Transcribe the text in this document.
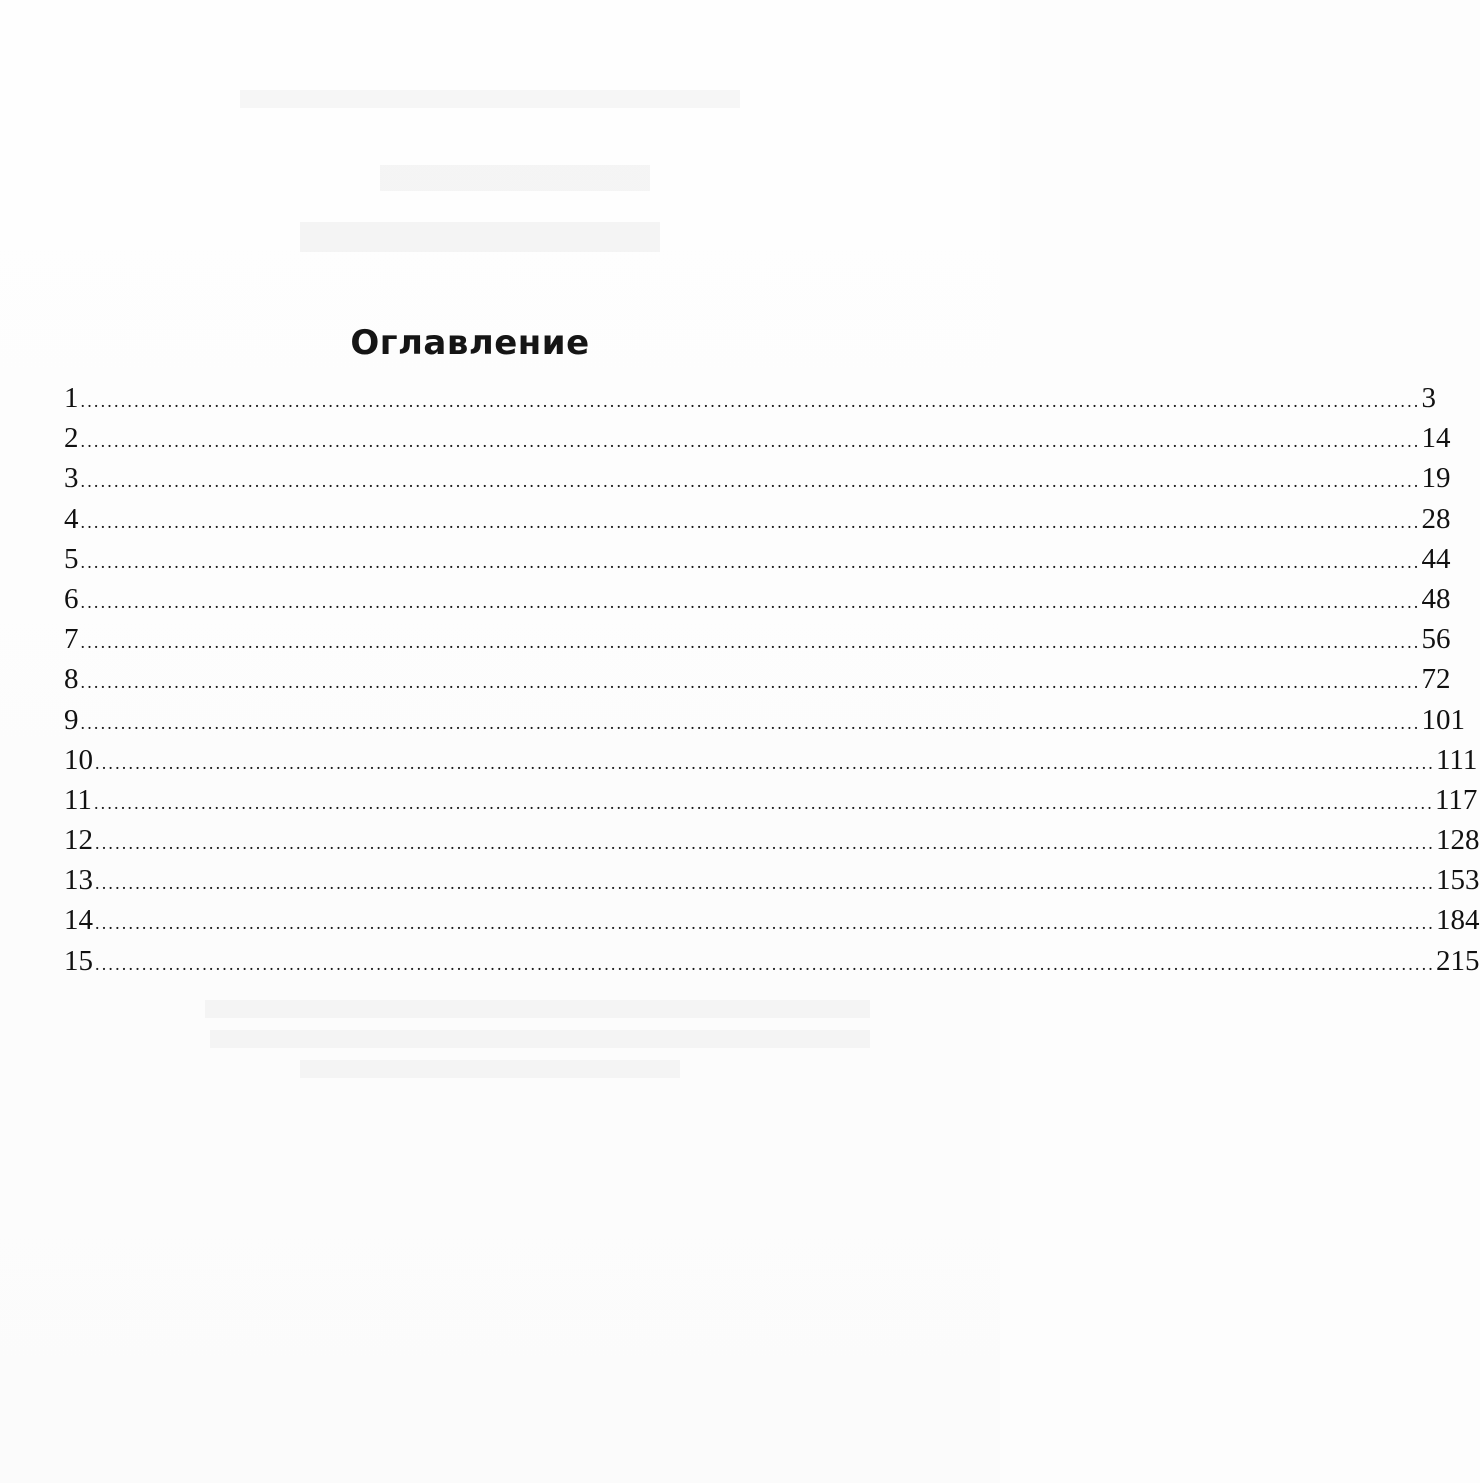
Оглавление
1 ........................................................................................................................................................................................................ 3
2 ........................................................................................................................................................................................................ 14
3 ........................................................................................................................................................................................................ 19
4 ........................................................................................................................................................................................................ 28
5 ........................................................................................................................................................................................................ 44
6 ........................................................................................................................................................................................................ 48
7 ........................................................................................................................................................................................................ 56
8 ........................................................................................................................................................................................................ 72
9 ........................................................................................................................................................................................................ 101
10 ........................................................................................................................................................................................................ 111
11 ........................................................................................................................................................................................................ 117
12 ........................................................................................................................................................................................................ 128
13 ........................................................................................................................................................................................................ 153
14 ........................................................................................................................................................................................................ 184
15 ........................................................................................................................................................................................................ 215
